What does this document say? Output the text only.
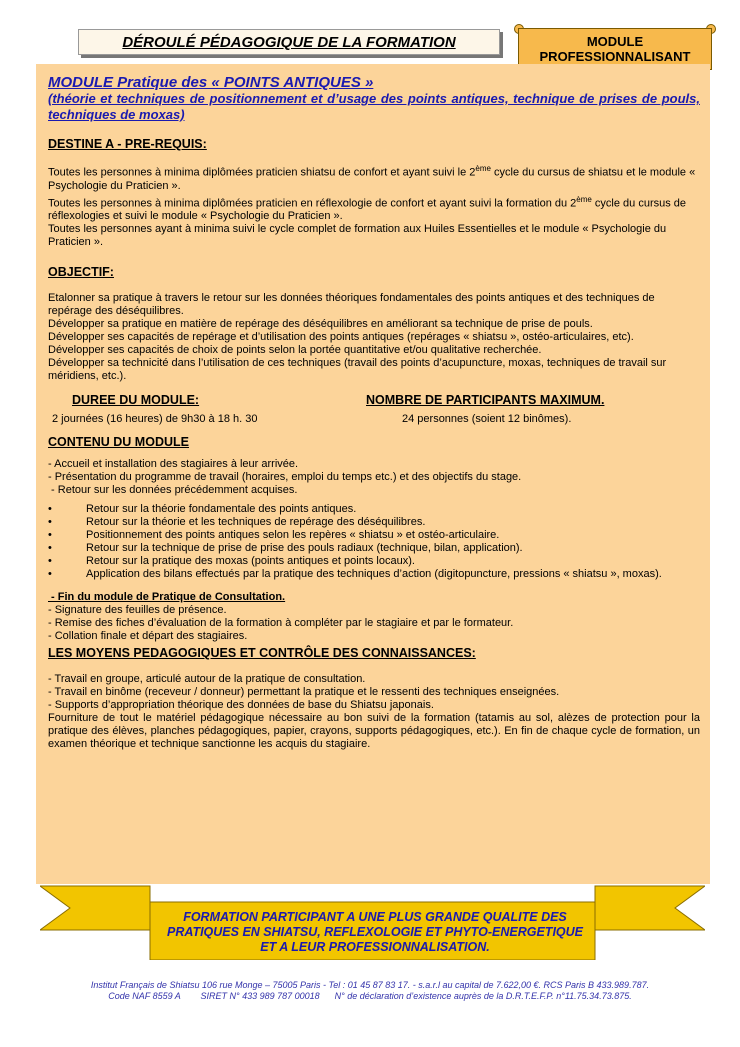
DÉROULÉ PÉDAGOGIQUE DE LA FORMATION	MODULE
PROFESSIONNALISANT
MODULE Pratique des « POINTS ANTIQUES »
(théorie et techniques de positionnement et d’usage des points antiques, technique de prises de pouls, techniques de moxas)

DESTINE A - PRE-REQUIS:

Toutes les personnes à minima diplômées praticien shiatsu de confort et ayant suivi le 2ème cycle du cursus de shiatsu et le module « Psychologie du Praticien ».

Toutes les personnes à minima diplômées praticien en réflexologie de confort et ayant suivi la formation du 2ème cycle du cursus de réflexologies et suivi le module « Psychologie du Praticien ».

Toutes les personnes ayant à minima suivi le cycle complet de formation aux Huiles Essentielles et le module « Psychologie du Praticien ».

OBJECTIF:

Etalonner sa pratique à travers le retour sur les données théoriques fondamentales des points antiques et des techniques de repérage des déséquilibres.

Développer sa pratique en matière de repérage des déséquilibres en améliorant sa technique de prise de pouls.

Développer ses capacités de repérage et d’utilisation des points antiques (repérages « shiatsu », ostéo-articulaires, etc).

Développer ses capacités de choix de points selon la portée quantitative et/ou qualitative recherchée.

Développer sa technicité dans l’utilisation de ces techniques (travail des points d’acupuncture, moxas, techniques de travail sur méridiens, etc.).

DUREE DU MODULE:

2 journées (16 heures) de 9h30 à 18 h. 30

NOMBRE DE PARTICIPANTS MAXIMUM.

24 personnes (soient 12 binômes).

CONTENU DU MODULE

- Accueil et installation des stagiaires à leur arrivée.

- Présentation du programme de travail (horaires, emploi du temps etc.) et des objectifs du stage.

- Retour sur les données précédemment acquises.

• Retour sur la théorie fondamentale des points antiques.
• Retour sur la théorie et les techniques de repérage des déséquilibres.
• Positionnement des points antiques selon les repères « shiatsu » et ostéo-articulaire.
• Retour sur la technique de prise de prise des pouls radiaux (technique, bilan, application).
• Retour sur la pratique des moxas (points antiques et points locaux).
• Application des bilans effectués par la pratique des techniques d’action (digitopuncture, pressions « shiatsu », moxas).

- Fin du module de Pratique de Consultation.

- Signature des feuilles de présence.

- Remise des fiches d’évaluation de la formation à compléter par le stagiaire et par le formateur.

- Collation finale et départ des stagiaires.

LES MOYENS PEDAGOGIQUES ET CONTRÔLE DES CONNAISSANCES:

- Travail en groupe, articulé autour de la pratique de consultation.

- Travail en binôme (receveur / donneur) permettant la pratique et le ressenti des techniques enseignées.

- Supports d’appropriation théorique des données de base du Shiatsu japonais.

Fourniture de tout le matériel pédagogique nécessaire au bon suivi de la formation (tatamis au sol, alèzes de protection pour la pratique des élèves, planches pédagogiques, papier, crayons, supports pédagogiques, etc.). En fin de chaque cycle de formation, un examen théorique et technique sanctionne les acquis du stagiaire.

FORMATION PARTICIPANT A UNE PLUS GRANDE QUALITE DES
PRATIQUES EN SHIATSU, REFLEXOLOGIE ET PHYTO-ENERGETIQUE
ET A LEUR PROFESSIONNALISATION.
Institut Français de Shiatsu 106 rue Monge – 75005 Paris - Tel : 01 45 87 83 17. - s.a.r.l au capital de 7.622,00 €. RCS Paris B 433.989.787.
Code NAF 8559 A        SIRET N° 433 989 787 00018      N° de déclaration d’existence auprès de la D.R.T.E.F.P. n°11.75.34.73.875.
